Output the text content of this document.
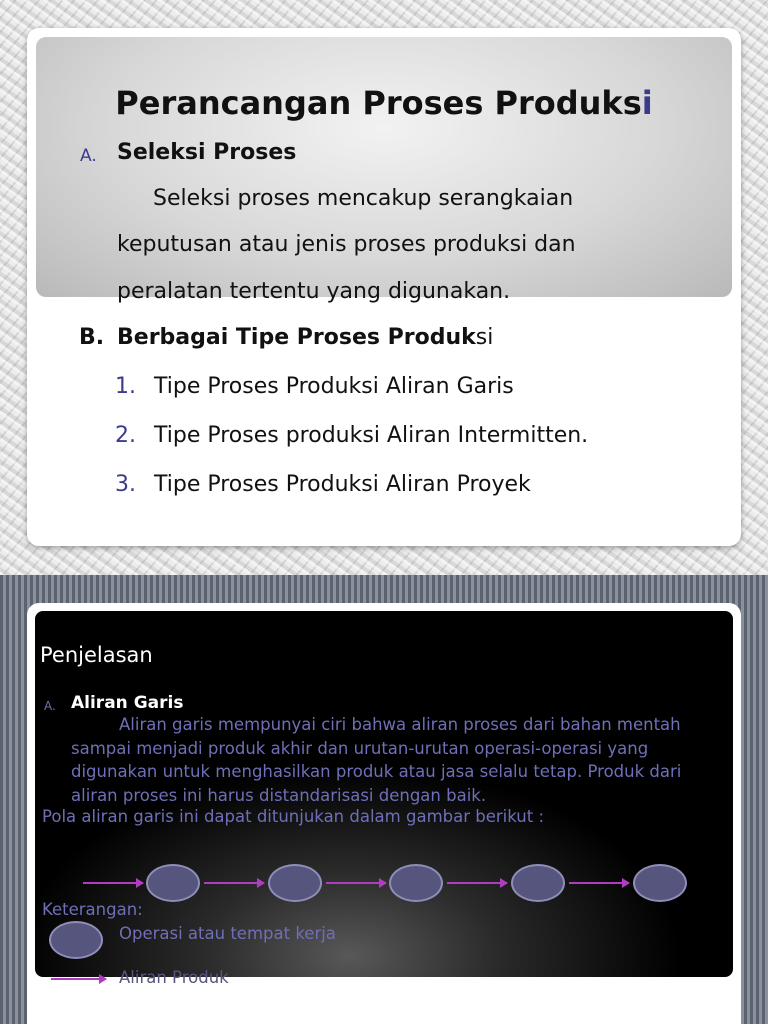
Perancangan Proses Produksi
A. Seleksi Proses
Seleksi proses mencakup serangkaian
keputusan atau jenis proses produksi dan
peralatan tertentu yang digunakan.
B. Berbagai Tipe Proses Produksi
1. Tipe Proses Produksi Aliran Garis
2. Tipe Proses produksi Aliran Intermitten.
3. Tipe Proses Produksi Aliran Proyek
Penjelasan
A. Aliran Garis
Aliran garis mempunyai ciri bahwa aliran proses dari bahan mentah
sampai menjadi produk akhir dan urutan-urutan operasi-operasi yang
digunakan untuk menghasilkan produk atau jasa selalu tetap. Produk dari
aliran proses ini harus distandarisasi dengan baik.
Pola aliran garis ini dapat ditunjukan dalam gambar berikut :
Keterangan:
Operasi atau tempat kerja
Aliran Produk
